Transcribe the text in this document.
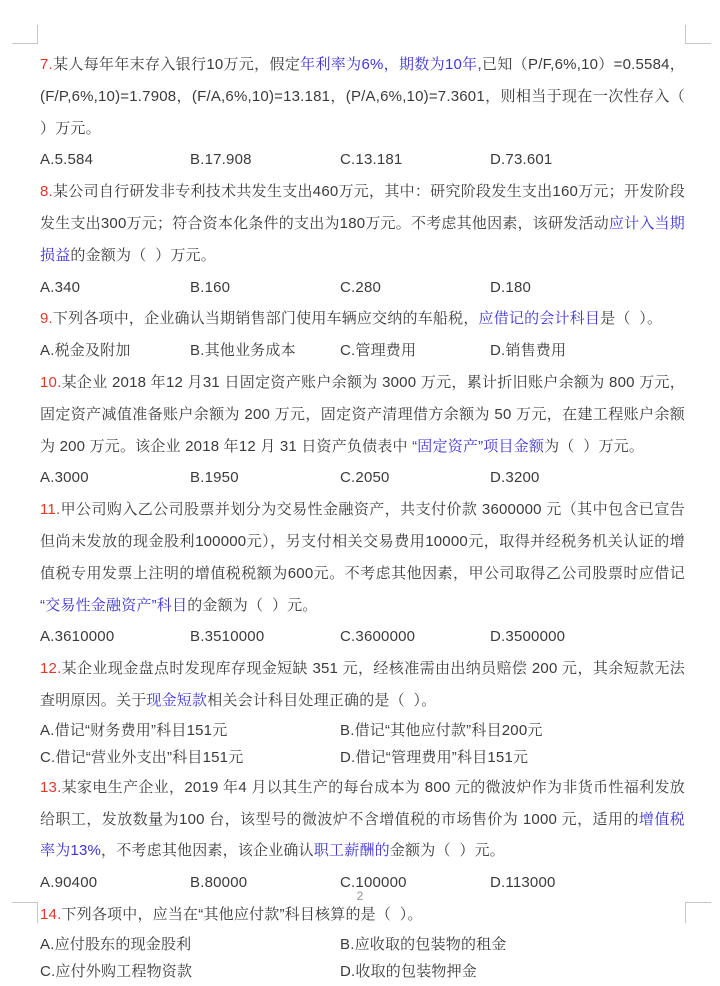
7.某人每年年末存入银行10万元，假定年利率为6%，期数为10年,已知（P/F,6%,10）=0.5584，(F/P,6%,10)=1.7908，(F/A,6%,10)=13.181，(P/A,6%,10)=7.3601，则相当于现在一次性存入（  ）万元。

A.5.584	B.17.908	C.13.181	D.73.601

8.某公司自行研发非专利技术共发生支出460万元，其中：研究阶段发生支出160万元；开发阶段发生支出300万元；符合资本化条件的支出为180万元。不考虑其他因素，该研发活动应计入当期损益的金额为（  ）万元。

A.340	B.160	C.280	D.180

9.下列各项中，企业确认当期销售部门使用车辆应交纳的车船税，应借记的会计科目是（  ）。

A.税金及附加	B.其他业务成本	C.管理费用	D.销售费用

10.某企业 2018 年12 月31 日固定资产账户余额为 3000 万元，累计折旧账户余额为 800 万元，固定资产减值准备账户余额为 200 万元，固定资产清理借方余额为 50 万元，在建工程账户余额为 200 万元。该企业 2018 年12 月 31 日资产负债表中 “固定资产”项目金额为（  ）万元。

A.3000	B.1950	C.2050	D.3200

11.甲公司购入乙公司股票并划分为交易性金融资产，共支付价款 3600000 元（其中包含已宣告但尚未发放的现金股利100000元），另支付相关交易费用10000元，取得并经税务机关认证的增值税专用发票上注明的增值税税额为600元。不考虑其他因素，甲公司取得乙公司股票时应借记 “交易性金融资产”科目的金额为（  ）元。

A.3610000	B.3510000	C.3600000	D.3500000

12.某企业现金盘点时发现库存现金短缺 351 元，经核准需由出纳员赔偿 200 元，其余短款无法查明原因。关于现金短款相关会计科目处理正确的是（  ）。

A.借记“财务费用”科目151元	B.借记“其他应付款”科目200元
C.借记“营业外支出”科目151元	D.借记“管理费用”科目151元

13.某家电生产企业，2019 年4 月以其生产的每台成本为 800 元的微波炉作为非货币性福利发放给职工，发放数量为100 台，该型号的微波炉不含增值税的市场售价为 1000 元，适用的增值税率为13%，不考虑其他因素，该企业确认职工薪酬的金额为（  ）元。

A.90400	B.80000	C.100000	D.113000

14.下列各项中，应当在“其他应付款”科目核算的是（  ）。

A.应付股东的现金股利	B.应收取的包装物的租金
C.应付外购工程物资款	D.收取的包装物押金
2
